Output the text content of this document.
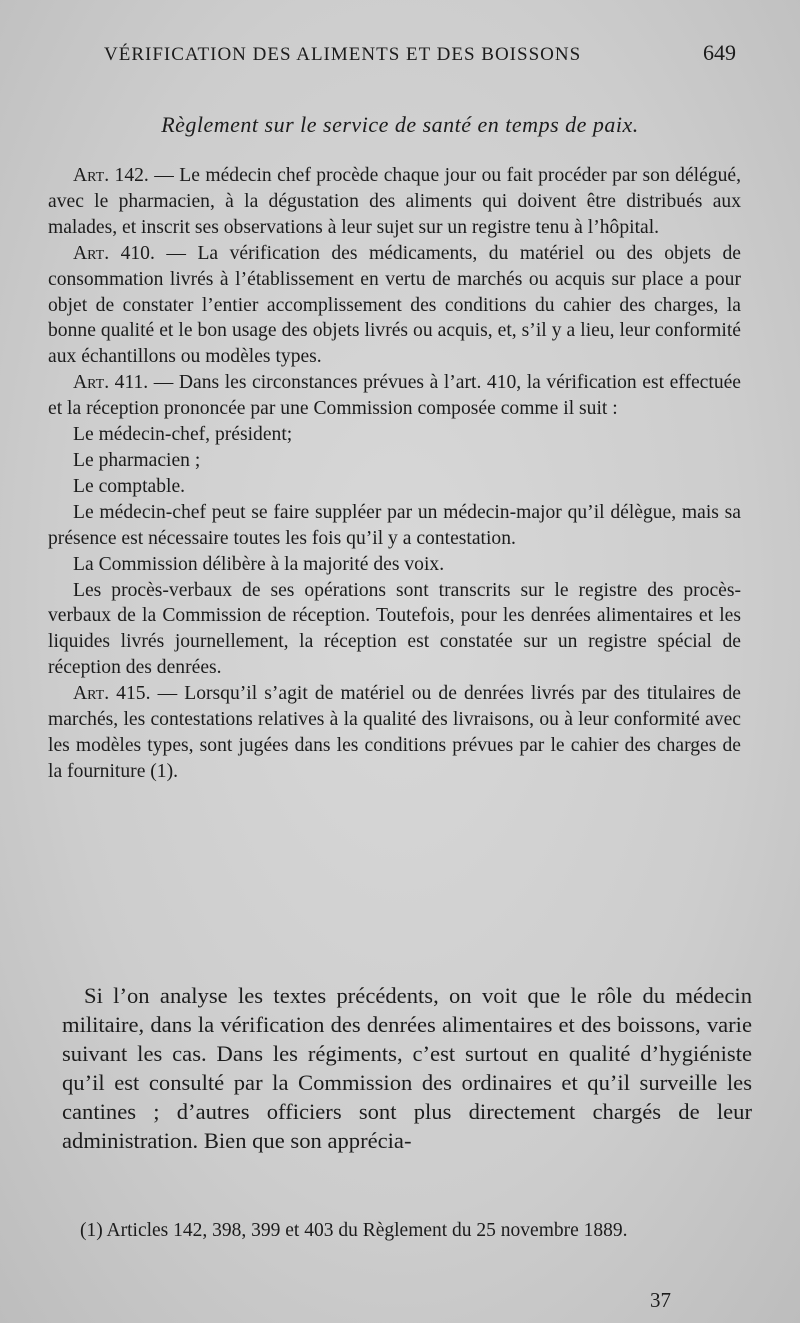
VÉRIFICATION DES ALIMENTS ET DES BOISSONS	649
Règlement sur le service de santé en temps de paix.

Art. 142. — Le médecin chef procède chaque jour ou fait procéder par son délégué, avec le pharmacien, à la dégustation des aliments qui doivent être distribués aux malades, et inscrit ses observations à leur sujet sur un registre tenu à l’hôpital.

Art. 410. — La vérification des médicaments, du matériel ou des objets de consommation livrés à l’établissement en vertu de marchés ou acquis sur place a pour objet de constater l’entier accomplissement des conditions du cahier des charges, la bonne qualité et le bon usage des objets livrés ou acquis, et, s’il y a lieu, leur conformité aux échantillons ou modèles types.

Art. 411. — Dans les circonstances prévues à l’art. 410, la vérification est effectuée et la réception prononcée par une Commission composée comme il suit :

Le médecin-chef, président;

Le pharmacien ;

Le comptable.

Le médecin-chef peut se faire suppléer par un médecin-major qu’il délègue, mais sa présence est nécessaire toutes les fois qu’il y a contestation.

La Commission délibère à la majorité des voix.

Les procès-verbaux de ses opérations sont transcrits sur le registre des procès-verbaux de la Commission de réception. Toutefois, pour les denrées alimentaires et les liquides livrés journellement, la réception est constatée sur un registre spécial de réception des denrées.

Art. 415. — Lorsqu’il s’agit de matériel ou de denrées livrés par des titulaires de marchés, les contestations relatives à la qualité des livraisons, ou à leur conformité avec les modèles types, sont jugées dans les conditions prévues par le cahier des charges de la fourniture (1).

Si l’on analyse les textes précédents, on voit que le rôle du médecin militaire, dans la vérification des denrées alimentaires et des boissons, varie suivant les cas. Dans les régiments, c’est surtout en qualité d’hygiéniste qu’il est consulté par la Commission des ordinaires et qu’il surveille les cantines ; d’autres officiers sont plus directement chargés de leur administration. Bien que son apprécia-

(1) Articles 142, 398, 399 et 403 du Règlement du 25 novembre 1889.

37
